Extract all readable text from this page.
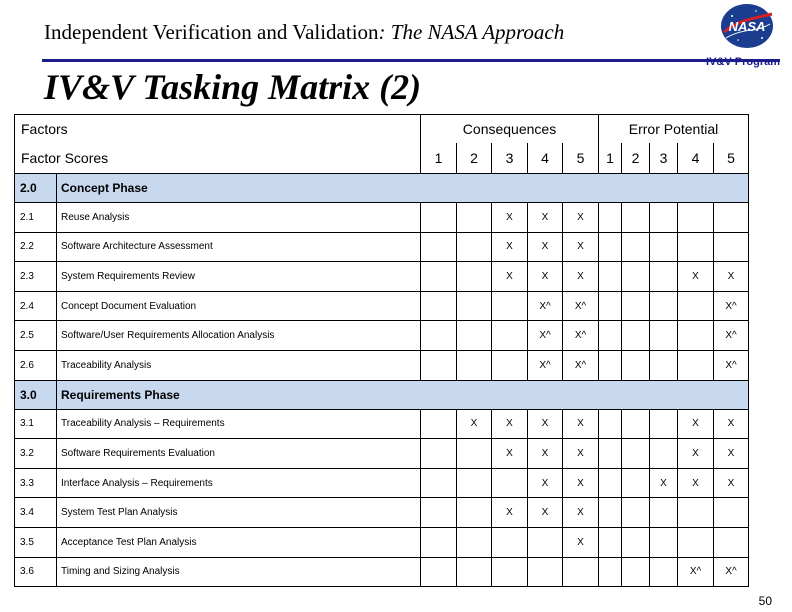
Independent Verification and Validation: The NASA Approach	NASA
IV&V Program
IV&V Tasking Matrix (2)
Factors		Consequences					Error Potential				
Factor Scores		1	2	3	4	5	1	2	3	4	5
2.0	Concept Phase										
2.1	Reuse Analysis			X	X	X					
2.2	Software Architecture Assessment			X	X	X					
2.3	System Requirements Review			X	X	X				X	X
2.4	Concept Document Evaluation				X^	X^					X^
2.5	Software/User Requirements Allocation Analysis				X^	X^					X^
2.6	Traceability Analysis				X^	X^					X^
3.0	Requirements Phase										
3.1	Traceability Analysis – Requirements		X	X	X	X				X	X
3.2	Software Requirements Evaluation			X	X	X				X	X
3.3	Interface Analysis – Requirements				X	X			X	X	X
3.4	System Test Plan Analysis			X	X	X					
3.5	Acceptance Test Plan Analysis					X					
3.6	Timing and Sizing Analysis									X^	X^
50
